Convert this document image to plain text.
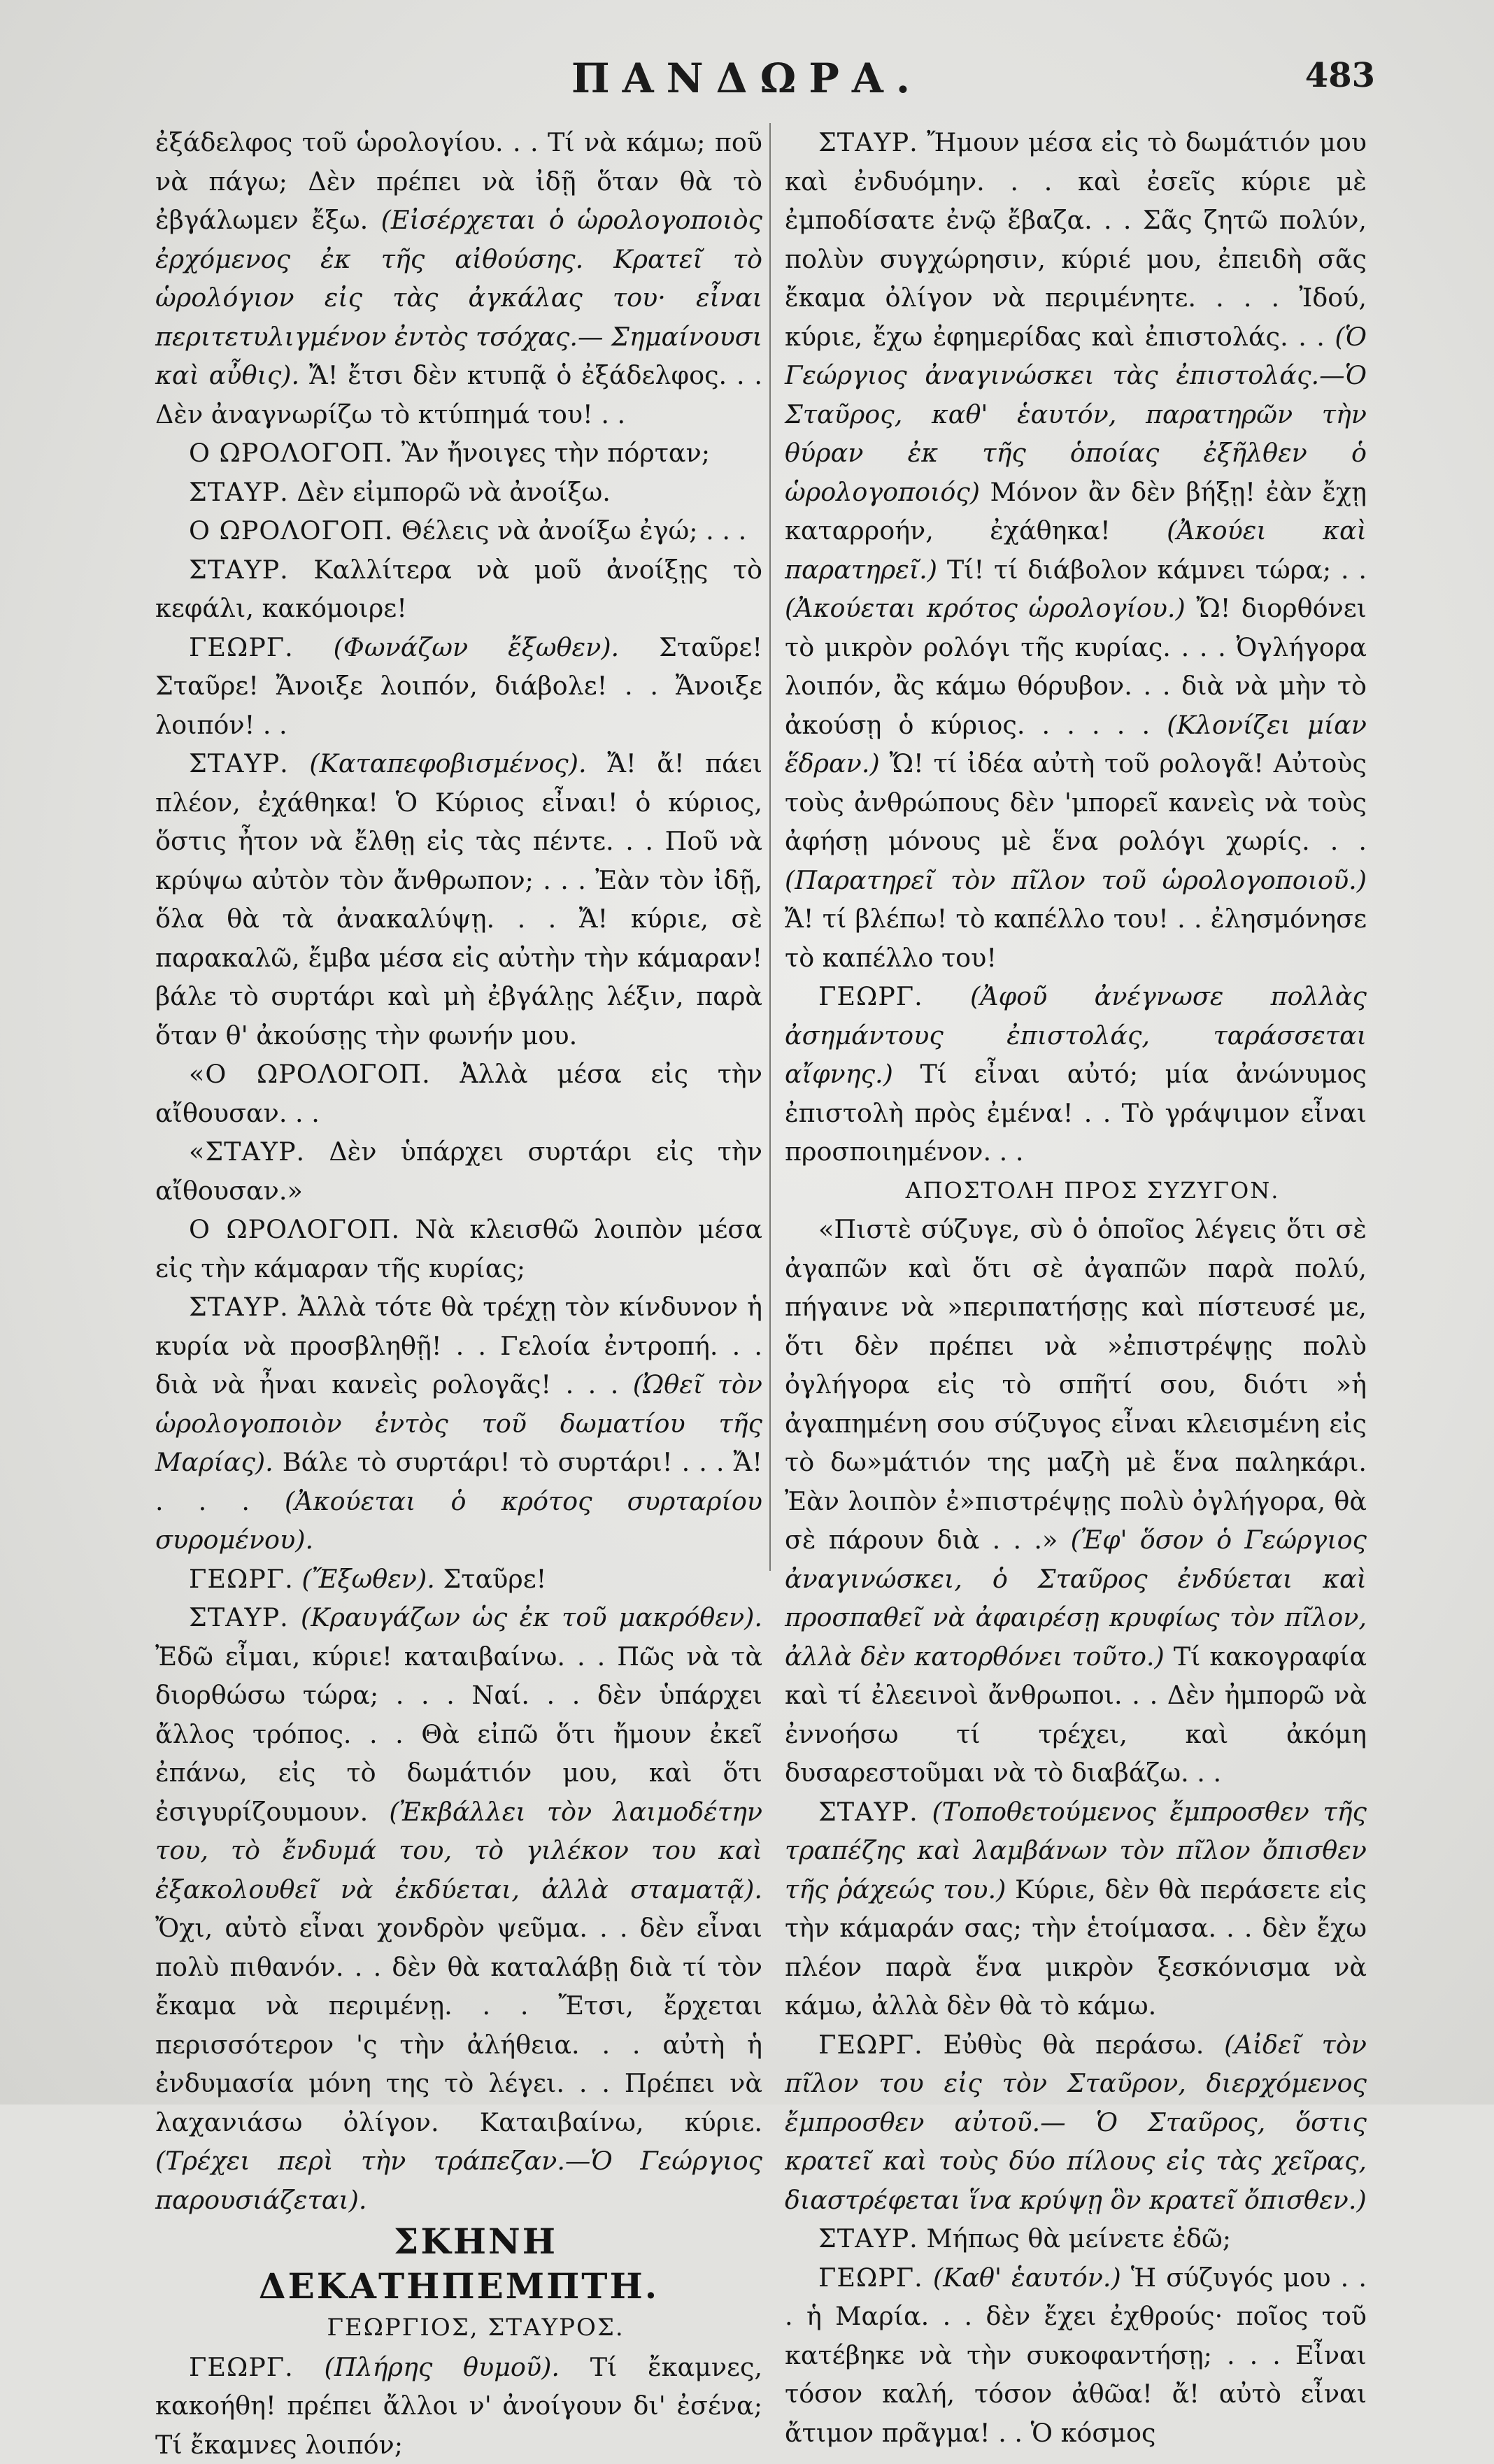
ΠΑΝΔΩΡΑ.	483

ἐξάδελφος τοῦ ὡρολογίου. . . Τί νὰ κάμω; ποῦ νὰ πάγω; Δὲν πρέπει νὰ ἰδῇ ὅταν θὰ τὸ ἐβγάλωμεν ἔξω. (Εἰσέρχεται ὁ ὡρολογοποιὸς ἐρχόμενος ἐκ τῆς αἰθούσης. Κρατεῖ τὸ ὡρολόγιον εἰς τὰς ἀγκάλας του· εἶναι περιτετυλιγμένον ἐντὸς τσόχας.— Σημαίνουσι καὶ αὖθις). Ἄ! ἔτσι δὲν κτυπᾷ ὁ ἐξάδελφος. . . Δὲν ἀναγνωρίζω τὸ κτύπημά του! . .

Ο ΩΡΟΛΟΓΟΠ. Ἂν ἤνοιγες τὴν πόρταν;

ΣΤΑΥΡ. Δὲν εἰμπορῶ νὰ ἀνοίξω.

Ο ΩΡΟΛΟΓΟΠ. Θέλεις νὰ ἀνοίξω ἐγώ; . . .

ΣΤΑΥΡ. Καλλίτερα νὰ μοῦ ἀνοίξῃς τὸ κεφάλι, κακόμοιρε!

ΓΕΩΡΓ. (Φωνάζων ἔξωθεν). Σταῦρε! Σταῦρε! Ἄνοιξε λοιπόν, διάβολε! . . Ἄνοιξε λοιπόν! . .

ΣΤΑΥΡ. (Καταπεφοβισμένος). Ἄ! ἄ! πάει πλέον, ἐχάθηκα! Ὁ Κύριος εἶναι! ὁ κύριος, ὅστις ἦτον νὰ ἔλθῃ εἰς τὰς πέντε. . . Ποῦ νὰ κρύψω αὐτὸν τὸν ἄνθρωπον; . . . Ἐὰν τὸν ἰδῇ, ὅλα θὰ τὰ ἀνακαλύψῃ. . . Ἄ! κύριε, σὲ παρακαλῶ, ἔμβα μέσα εἰς αὐτὴν τὴν κάμαραν! βάλε τὸ συρτάρι καὶ μὴ ἐβγάλῃς λέξιν, παρὰ ὅταν θ' ἀκούσῃς τὴν φωνήν μου.

«Ο ΩΡΟΛΟΓΟΠ. Ἀλλὰ μέσα εἰς τὴν αἴθουσαν. . .

«ΣΤΑΥΡ. Δὲν ὑπάρχει συρτάρι εἰς τὴν αἴθουσαν.»

Ο ΩΡΟΛΟΓΟΠ. Νὰ κλεισθῶ λοιπὸν μέσα εἰς τὴν κάμαραν τῆς κυρίας;

ΣΤΑΥΡ. Ἀλλὰ τότε θὰ τρέχῃ τὸν κίνδυνον ἡ κυρία νὰ προσβληθῇ! . . Γελοία ἐντροπή. . . διὰ νὰ ἦναι κανεὶς ρολογᾶς! . . . (Ὠθεῖ τὸν ὡρολογοποιὸν ἐντὸς τοῦ δωματίου τῆς Μαρίας). Βάλε τὸ συρτάρι! τὸ συρτάρι! . . . Ἄ! . . . (Ἀκούεται ὁ κρότος συρταρίου συρομένου).

ΓΕΩΡΓ. (Ἔξωθεν). Σταῦρε!

ΣΤΑΥΡ. (Κραυγάζων ὡς ἐκ τοῦ μακρόθεν). Ἐδῶ εἶμαι, κύριε! καταιβαίνω. . . Πῶς νὰ τὰ διορθώσω τώρα; . . . Ναί. . . δὲν ὑπάρχει ἄλλος τρόπος. . . Θὰ εἰπῶ ὅτι ἤμουν ἐκεῖ ἐπάνω, εἰς τὸ δωμάτιόν μου, καὶ ὅτι ἐσιγυρίζουμουν. (Ἐκβάλλει τὸν λαιμοδέτην του, τὸ ἔνδυμά του, τὸ γιλέκον του καὶ ἐξακολουθεῖ νὰ ἐκδύεται, ἀλλὰ σταματᾷ). Ὄχι, αὐτὸ εἶναι χονδρὸν ψεῦμα. . . δὲν εἶναι πολὺ πιθανόν. . . δὲν θὰ καταλάβῃ διὰ τί τὸν ἔκαμα νὰ περιμένῃ. . . Ἔτσι, ἔρχεται περισσότερον 'ς τὴν ἀλήθεια. . . αὐτὴ ἡ ἐνδυμασία μόνη της τὸ λέγει. . . Πρέπει νὰ λαχανιάσω ὀλίγον. Καταιβαίνω, κύριε. (Τρέχει περὶ τὴν τράπεζαν.—Ὁ Γεώργιος παρουσιάζεται).

ΣΚΗΝΗ ΔΕΚΑΤΗΠΕΜΠΤΗ.

ΓΕΩΡΓΙΟΣ, ΣΤΑΥΡΟΣ.

ΓΕΩΡΓ. (Πλήρης θυμοῦ). Τί ἔκαμνες, κακοήθη! πρέπει ἄλλοι ν' ἀνοίγουν δι' ἐσένα; Τί ἔκαμνες λοιπόν;

ΣΤΑΥΡ. Ἤμουν μέσα εἰς τὸ δωμάτιόν μου καὶ ἐνδυόμην. . . καὶ ἐσεῖς κύριε μὲ ἐμποδίσατε ἐνῷ ἔβαζα. . . Σᾶς ζητῶ πολύν, πολὺν συγχώρησιν, κύριέ μου, ἐπειδὴ σᾶς ἔκαμα ὀλίγον νὰ περιμένητε. . . . Ἰδού, κύριε, ἔχω ἐφημερίδας καὶ ἐπιστολάς. . . (Ὁ Γεώργιος ἀναγινώσκει τὰς ἐπιστολάς.—Ὁ Σταῦρος, καθ' ἑαυτόν, παρατηρῶν τὴν θύραν ἐκ τῆς ὁποίας ἐξῆλθεν ὁ ὡρολογοποιός) Μόνον ἂν δὲν βήξῃ! ἐὰν ἔχῃ καταρροήν, ἐχάθηκα! (Ἀκούει καὶ παρατηρεῖ.) Τί! τί διάβολον κάμνει τώρα; . . (Ἀκούεται κρότος ὡρολογίου.) Ὤ! διορθόνει τὸ μικρὸν ρολόγι τῆς κυρίας. . . . Ὀγλήγορα λοιπόν, ἂς κάμω θόρυβον. . . διὰ νὰ μὴν τὸ ἀκούσῃ ὁ κύριος. . . . . . (Κλονίζει μίαν ἕδραν.) Ὤ! τί ἰδέα αὐτὴ τοῦ ρολογᾶ! Αὐτοὺς τοὺς ἀνθρώπους δὲν 'μπορεῖ κανεὶς νὰ τοὺς ἀφήσῃ μόνους μὲ ἕνα ρολόγι χωρίς. . . (Παρατηρεῖ τὸν πῖλον τοῦ ὡρολογοποιοῦ.) Ἄ! τί βλέπω! τὸ καπέλλο του! . . ἐλησμόνησε τὸ καπέλλο του!

ΓΕΩΡΓ. (Ἀφοῦ ἀνέγνωσε πολλὰς ἀσημάντους ἐπιστολάς, ταράσσεται αἴφνης.) Τί εἶναι αὐτό; μία ἀνώνυμος ἐπιστολὴ πρὸς ἐμένα! . . Τὸ γράψιμον εἶναι προσποιημένον. . .

ΑΠΟΣΤΟΛΗ ΠΡΟΣ ΣΥΖΥΓΟΝ.

«Πιστὲ σύζυγε, σὺ ὁ ὁποῖος λέγεις ὅτι σὲ ἀγαπῶν καὶ ὅτι σὲ ἀγαπῶν παρὰ πολύ, πήγαινε νὰ »περιπατήσῃς καὶ πίστευσέ με, ὅτι δὲν πρέπει νὰ »ἐπιστρέψῃς πολὺ ὀγλήγορα εἰς τὸ σπῆτί σου, διότι »ἡ ἀγαπημένη σου σύζυγος εἶναι κλεισμένη εἰς τὸ δω»μάτιόν της μαζὴ μὲ ἕνα παληκάρι. Ἐὰν λοιπὸν ἐ»πιστρέψῃς πολὺ ὀγλήγορα, θὰ σὲ πάρουν διὰ . . .» (Ἐφ' ὅσον ὁ Γεώργιος ἀναγινώσκει, ὁ Σταῦρος ἐνδύεται καὶ προσπαθεῖ νὰ ἀφαιρέσῃ κρυφίως τὸν πῖλον, ἀλλὰ δὲν κατορθόνει τοῦτο.) Τί κακογραφία καὶ τί ἐλεεινοὶ ἄνθρωποι. . . Δὲν ἠμπορῶ νὰ ἐννοήσω τί τρέχει, καὶ ἀκόμη δυσαρεστοῦμαι νὰ τὸ διαβάζω. . .

ΣΤΑΥΡ. (Τοποθετούμενος ἔμπροσθεν τῆς τραπέζης καὶ λαμβάνων τὸν πῖλον ὄπισθεν τῆς ῥάχεώς του.) Κύριε, δὲν θὰ περάσετε εἰς τὴν κάμαράν σας; τὴν ἑτοίμασα. . . δὲν ἔχω πλέον παρὰ ἕνα μικρὸν ξεσκόνισμα νὰ κάμω, ἀλλὰ δὲν θὰ τὸ κάμω.

ΓΕΩΡΓ. Εὐθὺς θὰ περάσω. (Αἰδεῖ τὸν πῖλον του εἰς τὸν Σταῦρον, διερχόμενος ἔμπροσθεν αὐτοῦ.— Ὁ Σταῦρος, ὅστις κρατεῖ καὶ τοὺς δύο πίλους εἰς τὰς χεῖρας, διαστρέφεται ἵνα κρύψῃ ὃν κρατεῖ ὄπισθεν.)

ΣΤΑΥΡ. Μήπως θὰ μείνετε ἐδῶ;

ΓΕΩΡΓ. (Καθ' ἑαυτόν.) Ἡ σύζυγός μου . . . ἡ Μαρία. . . δὲν ἔχει ἐχθρούς· ποῖος τοῦ κατέβηκε νὰ τὴν συκοφαντήσῃ; . . . Εἶναι τόσον καλή, τόσον ἀθῶα! ἄ! αὐτὸ εἶναι ἄτιμον πρᾶγμα! . . Ὁ κόσμος
